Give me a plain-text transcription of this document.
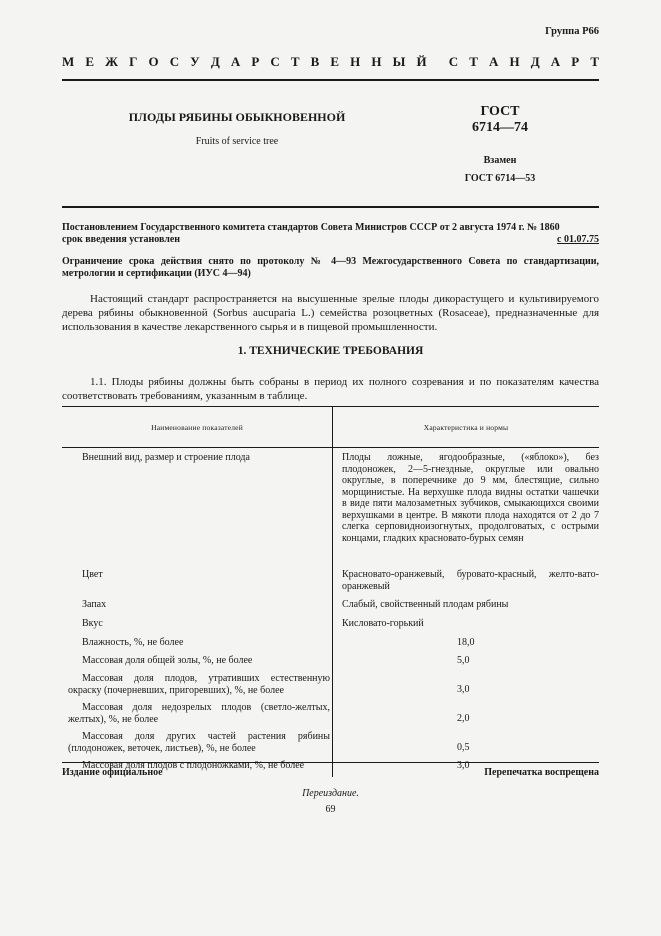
Группа Р66
М Е Ж Г О С У Д А Р С Т В Е Н Н Ы Й С Т А Н Д А Р Т
ПЛОДЫ РЯБИНЫ ОБЫКНОВЕННОЙ
Fruits of service tree
ГОСТ
6714—74
Взамен
ГОСТ 6714—53
Постановлением Государственного комитета стандартов Совета Министров СССР от 2 августа 1974 г. № 1860
срок введения установлен	с 01.07.75
Ограничение срока действия снято по протоколу № 4—93 Межгосударственного Совета по стандартизации, метрологии и сертификации (ИУС 4—94)
Настоящий стандарт распространяется на высушенные зрелые плоды дикорастущего и культивируемого дерева рябины обыкновенной (Sorbus aucuparia L.) семейства розоцветных (Rosaceae), предназначенные для использования в качестве лекарственного сырья и в пищевой промышленности.
1. ТЕХНИЧЕСКИЕ ТРЕБОВАНИЯ
1.1. Плоды рябины должны быть собраны в период их полного созревания и по показателям качества соответствовать требованиям, указанным в таблице.
Наименование показателей	Характеристика и нормы
Внешний вид, размер и строение плода	Плоды ложные, ягодообразные, («яблоко»), без плодоножек, 2—5-гнездные, округлые или овально округлые, в поперечнике до 9 мм, блестящие, сильно морщинистые. На верхушке плода видны остатки чашечки в виде пяти малозаметных зубчиков, смыкающихся своими верхушками в центре. В мякоти плода находятся от 2 до 7 слегка серповидноизогнутых, продолговатых, с острыми концами, гладких красновато-бурых семян
Цвет	Красновато-оранжевый, буровато-красный, желто-вато-оранжевый
Запах	Слабый, свойственный плодам рябины
Вкус	Кисловато-горький
Влажность, %, не более	18,0
Массовая доля общей золы, %, не более	5,0
Массовая доля плодов, утративших естественную окраску (почерневших, пригоревших), %, не более	3,0
Массовая доля недозрелых плодов (светло-желтых, желтых), %, не более	2,0
Массовая доля других частей растения рябины (плодоножек, веточек, листьев), %, не более	0,5
Массовая доля плодов с плодоножками, %, не более	3,0
Издание официальное	Перепечатка воспрещена
Переиздание.
69
